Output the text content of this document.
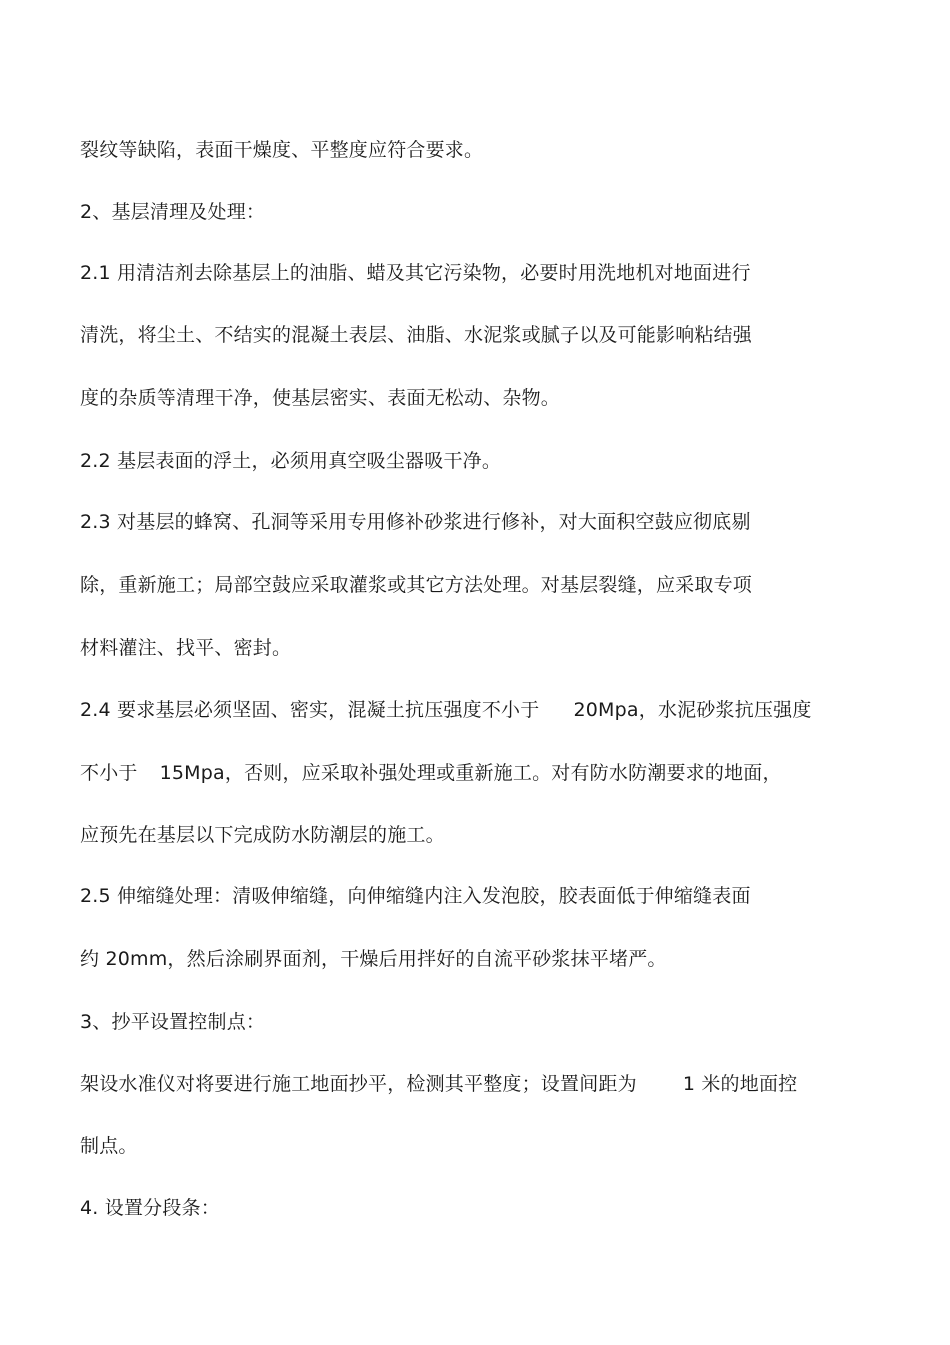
裂纹等缺陷，表面干燥度、平整度应符合要求。
2、基层清理及处理：
2.1 用清洁剂去除基层上的油脂、蜡及其它污染物，必要时用洗地机对地面进行
清洗，将尘土、不结实的混凝土表层、油脂、水泥浆或腻子以及可能影响粘结强
度的杂质等清理干净，使基层密实、表面无松动、杂物。
2.2 基层表面的浮土，必须用真空吸尘器吸干净。
2.3 对基层的蜂窝、孔洞等采用专用修补砂浆进行修补，对大面积空鼓应彻底剔
除，重新施工；局部空鼓应采取灌浆或其它方法处理。对基层裂缝，应采取专项
材料灌注、找平、密封。
2.4 要求基层必须坚固、密实，混凝土抗压强度不小于 20Mpa，水泥砂浆抗压强度
不小于 15Mpa，否则，应采取补强处理或重新施工。对有防水防潮要求的地面，
应预先在基层以下完成防水防潮层的施工。
2.5 伸缩缝处理：清吸伸缩缝，向伸缩缝内注入发泡胶，胶表面低于伸缩缝表面
约 20mm，然后涂刷界面剂，干燥后用拌好的自流平砂浆抹平堵严。
3、抄平设置控制点：
架设水准仪对将要进行施工地面抄平，检测其平整度；设置间距为 1 米的地面控
制点。
4. 设置分段条：
